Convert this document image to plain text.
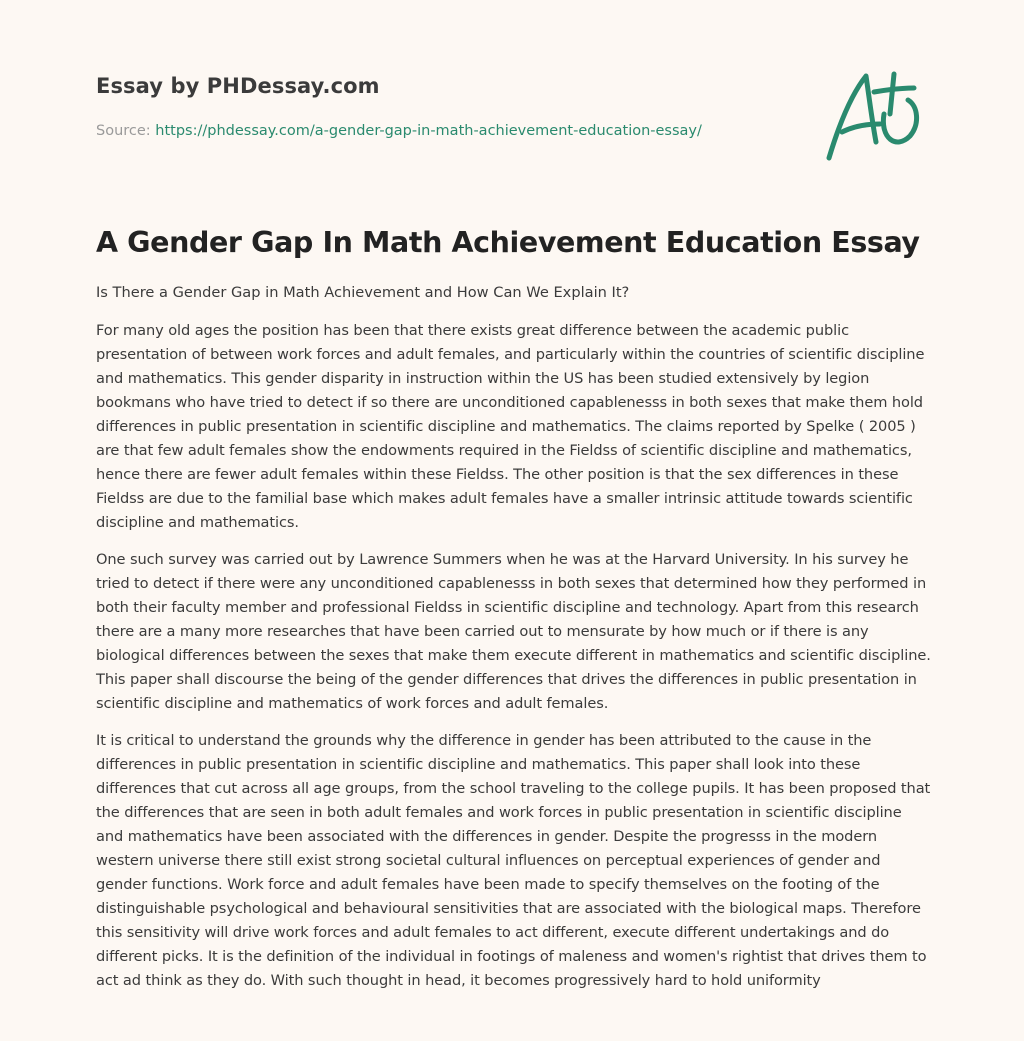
Essay by PHDessay.com
Source: https://phdessay.com/a-gender-gap-in-math-achievement-education-essay/
A Gender Gap In Math Achievement Education Essay

Is There a Gender Gap in Math Achievement and How Can We Explain It?

For many old ages the position has been that there exists great difference between the academic public presentation of between work forces and adult females, and particularly within the countries of scientific discipline and mathematics. This gender disparity in instruction within the US has been studied extensively by legion bookmans who have tried to detect if so there are unconditioned capablenesss in both sexes that make them hold differences in public presentation in scientific discipline and mathematics. The claims reported by Spelke ( 2005 ) are that few adult females show the endowments required in the Fieldss of scientific discipline and mathematics, hence there are fewer adult females within these Fieldss. The other position is that the sex differences in these Fieldss are due to the familial base which makes adult females have a smaller intrinsic attitude towards scientific discipline and mathematics.

One such survey was carried out by Lawrence Summers when he was at the Harvard University. In his survey he tried to detect if there were any unconditioned capablenesss in both sexes that determined how they performed in both their faculty member and professional Fieldss in scientific discipline and technology. Apart from this research there are a many more researches that have been carried out to mensurate by how much or if there is any biological differences between the sexes that make them execute different in mathematics and scientific discipline. This paper shall discourse the being of the gender differences that drives the differences in public presentation in scientific discipline and mathematics of work forces and adult females.

It is critical to understand the grounds why the difference in gender has been attributed to the cause in the differences in public presentation in scientific discipline and mathematics. This paper shall look into these differences that cut across all age groups, from the school traveling to the college pupils. It has been proposed that the differences that are seen in both adult females and work forces in public presentation in scientific discipline and mathematics have been associated with the differences in gender. Despite the progresss in the modern western universe there still exist strong societal cultural influences on perceptual experiences of gender and gender functions. Work force and adult females have been made to specify themselves on the footing of the distinguishable psychological and behavioural sensitivities that are associated with the biological maps. Therefore this sensitivity will drive work forces and adult females to act different, execute different undertakings and do different picks. It is the definition of the individual in footings of maleness and women's rightist that drives them to act ad think as they do. With such thought in head, it becomes progressively hard to hold uniformity
